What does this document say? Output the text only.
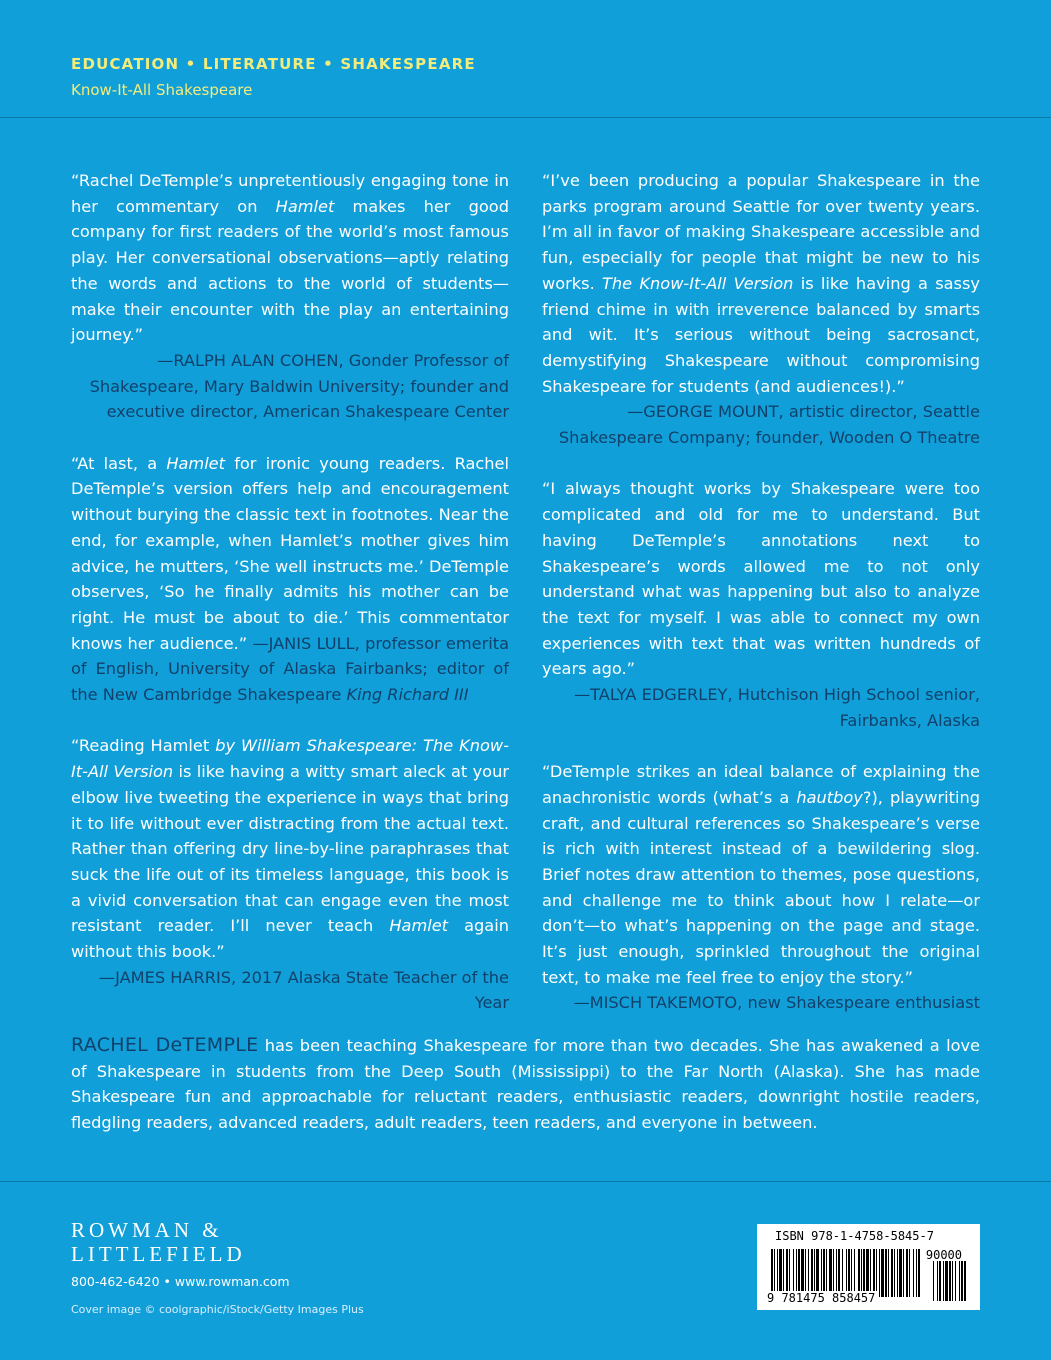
EDUCATION • LITERATURE • SHAKESPEARE
Know-It-All Shakespeare

“Rachel DeTemple’s unpretentiously engaging tone in her commentary on Hamlet makes her good company for first readers of the world’s most famous play. Her conversational observations—aptly relating the words and actions to the world of students—make their encounter with the play an entertaining journey.”

—RALPH ALAN COHEN, Gonder Professor of Shakespeare, Mary Baldwin University; founder and executive director, American Shakespeare Center

“At last, a Hamlet for ironic young readers. Rachel DeTemple’s version offers help and encouragement without burying the classic text in footnotes. Near the end, for example, when Hamlet’s mother gives him advice, he mutters, ‘She well instructs me.’ DeTemple observes, ‘So he finally admits his mother can be right. He must be about to die.’ This commentator knows her audience.” —JANIS LULL, professor emerita of English, University of Alaska Fairbanks; editor of the New Cambridge Shakespeare King Richard III

“Reading Hamlet by William Shakespeare: The Know-It-All Version is like having a witty smart aleck at your elbow live tweeting the experience in ways that bring it to life without ever distracting from the actual text. Rather than offering dry line-by-line paraphrases that suck the life out of its timeless language, this book is a vivid conversation that can engage even the most resistant reader. I’ll never teach Hamlet again without this book.”

—JAMES HARRIS, 2017 Alaska State Teacher of the Year

“I’ve been producing a popular Shakespeare in the parks program around Seattle for over twenty years. I’m all in favor of making Shakespeare accessible and fun, especially for people that might be new to his works. The Know-It-All Version is like having a sassy friend chime in with irreverence balanced by smarts and wit. It’s serious without being sacrosanct, demystifying Shakespeare without compromising Shakespeare for students (and audiences!).”

—GEORGE MOUNT, artistic director, Seattle Shakespeare Company; founder, Wooden O Theatre

“I always thought works by Shakespeare were too complicated and old for me to understand. But having DeTemple’s annotations next to Shakespeare’s words allowed me to not only understand what was happening but also to analyze the text for myself. I was able to connect my own experiences with text that was written hundreds of years ago.”

—TALYA EDGERLEY, Hutchison High School senior, Fairbanks, Alaska

“DeTemple strikes an ideal balance of explaining the anachronistic words (what’s a hautboy?), playwriting craft, and cultural references so Shakespeare’s verse is rich with interest instead of a bewildering slog. Brief notes draw attention to themes, pose questions, and challenge me to think about how I relate—or don’t—to what’s happening on the page and stage. It’s just enough, sprinkled throughout the original text, to make me feel free to enjoy the story.”

—MISCH TAKEMOTO, new Shakespeare enthusiast

RACHEL DeTEMPLE has been teaching Shakespeare for more than two decades. She has awakened a love of Shakespeare in students from the Deep South (Mississippi) to the Far North (Alaska). She has made Shakespeare fun and approachable for reluctant readers, enthusiastic readers, downright hostile readers, fledgling readers, advanced readers, adult readers, teen readers, and everyone in between.

ROWMAN &
LITTLEFIELD
800-462-6420 • www.rowman.com
Cover image © coolgraphic/iStock/Getty Images Plus
ISBN 978-1-4758-5845-7
90000
9 781475 858457
